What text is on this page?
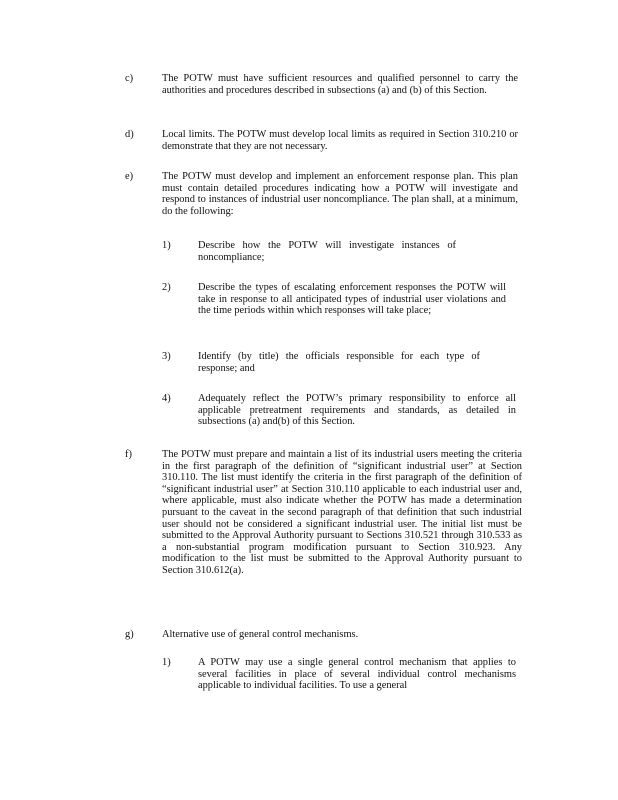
c)	The POTW must have sufficient resources and qualified personnel to carry the authorities and procedures described in subsections (a) and (b) of this Section.
d)	Local limits. The POTW must develop local limits as required in Section 310.210 or demonstrate that they are not necessary.
e)	The POTW must develop and implement an enforcement response plan. This plan must contain detailed procedures indicating how a POTW will investigate and respond to instances of industrial user noncompliance. The plan shall, at a minimum, do the following:
1)	Describe how the POTW will investigate instances of noncompliance;
2)	Describe the types of escalating enforcement responses the POTW will take in response to all anticipated types of industrial user violations and the time periods within which responses will take place;
3)	Identify (by title) the officials responsible for each type of response; and
4)	Adequately reflect the POTW’s primary responsibility to enforce all applicable pretreatment requirements and standards, as detailed in subsections (a) and(b) of this Section.
f)	The POTW must prepare and maintain a list of its industrial users meeting the criteria in the first paragraph of the definition of “significant industrial user” at Section 310.110. The list must identify the criteria in the first paragraph of the definition of “significant industrial user” at Section 310.110 applicable to each industrial user and, where applicable, must also indicate whether the POTW has made a determination pursuant to the caveat in the second paragraph of that definition that such industrial user should not be considered a significant industrial user. The initial list must be submitted to the Approval Authority pursuant to Sections 310.521 through 310.533 as a non-substantial program modification pursuant to Section 310.923. Any modification to the list must be submitted to the Approval Authority pursuant to Section 310.612(a).
g)	Alternative use of general control mechanisms.
1)	A POTW may use a single general control mechanism that applies to several facilities in place of several individual control mechanisms applicable to individual facilities. To use a general
